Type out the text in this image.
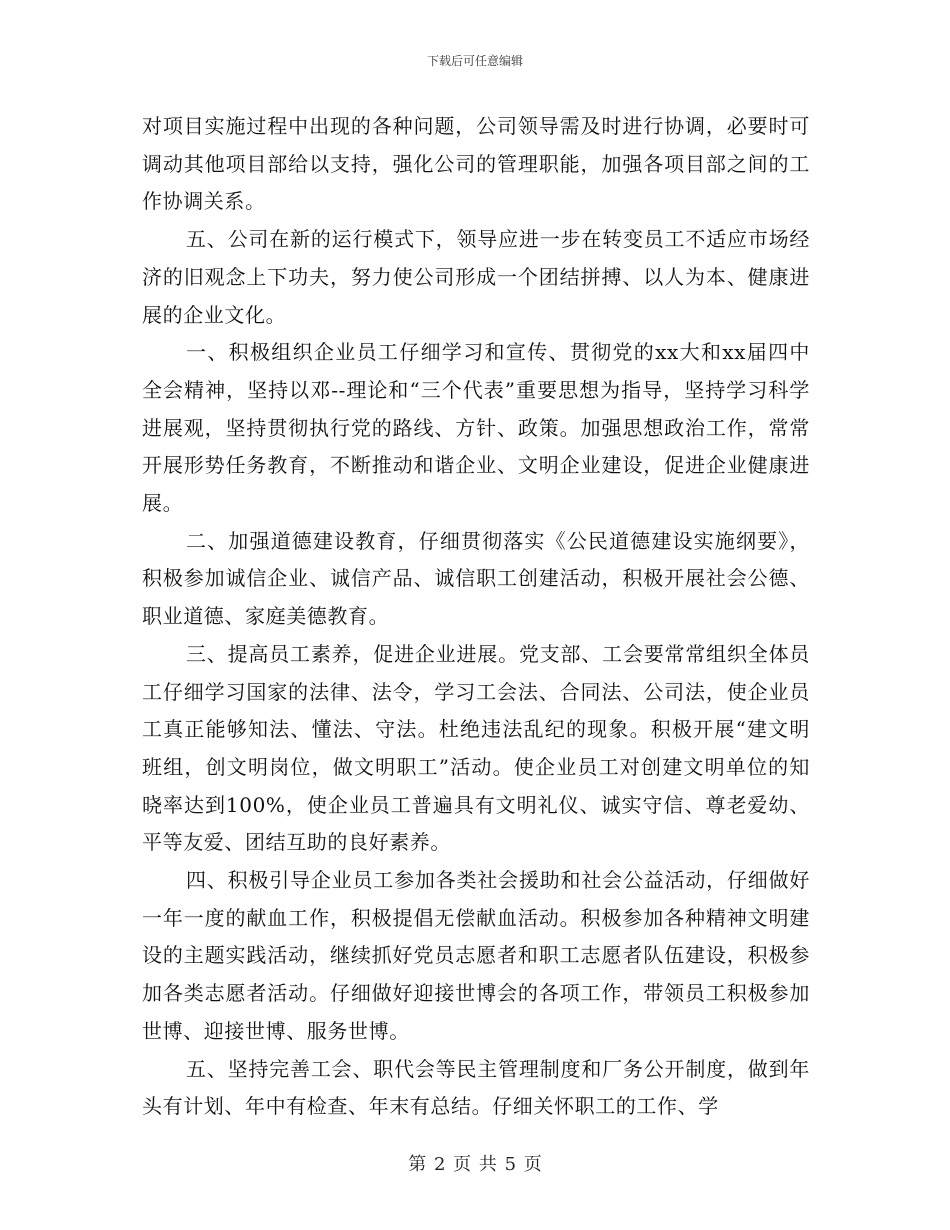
下载后可任意编辑

对项目实施过程中出现的各种问题，公司领导需及时进行协调，必要时可调动其他项目部给以支持，强化公司的管理职能，加强各项目部之间的工作协调关系。

五、公司在新的运行模式下，领导应进一步在转变员工不适应市场经济的旧观念上下功夫，努力使公司形成一个团结拼搏、以人为本、健康进展的企业文化。

一、积极组织企业员工仔细学习和宣传、贯彻党的xx大和xx届四中全会精神，坚持以邓--理论和“三个代表”重要思想为指导，坚持学习科学进展观，坚持贯彻执行党的路线、方针、政策。加强思想政治工作，常常开展形势任务教育，不断推动和谐企业、文明企业建设，促进企业健康进展。

二、加强道德建设教育，仔细贯彻落实《公民道德建设实施纲要》，积极参加诚信企业、诚信产品、诚信职工创建活动，积极开展社会公德、职业道德、家庭美德教育。

三、提高员工素养，促进企业进展。党支部、工会要常常组织全体员工仔细学习国家的法律、法令，学习工会法、合同法、公司法，使企业员工真正能够知法、懂法、守法。杜绝违法乱纪的现象。积极开展“建文明班组，创文明岗位，做文明职工”活动。使企业员工对创建文明单位的知晓率达到100%，使企业员工普遍具有文明礼仪、诚实守信、尊老爱幼、平等友爱、团结互助的良好素养。

四、积极引导企业员工参加各类社会援助和社会公益活动，仔细做好一年一度的献血工作，积极提倡无偿献血活动。积极参加各种精神文明建设的主题实践活动，继续抓好党员志愿者和职工志愿者队伍建设，积极参加各类志愿者活动。仔细做好迎接世博会的各项工作，带领员工积极参加世博、迎接世博、服务世博。

五、坚持完善工会、职代会等民主管理制度和厂务公开制度，做到年头有计划、年中有检查、年末有总结。仔细关怀职工的工作、学

第 2 页 共 5 页
